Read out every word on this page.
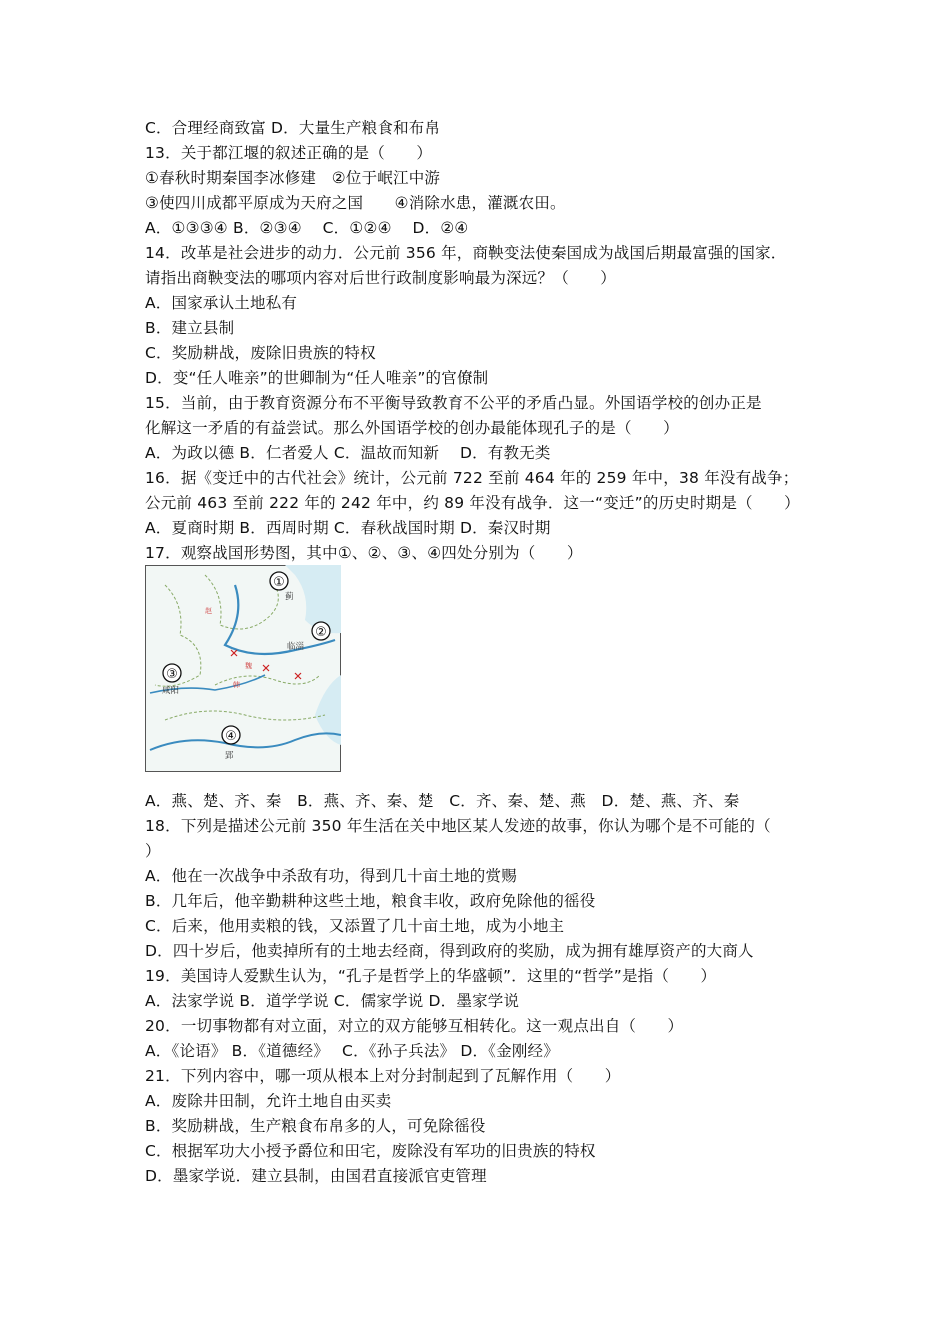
C．合理经商致富 D．大量生产粮食和布帛
13．关于都江堰的叙述正确的是（　　）
①春秋时期秦国李冰修建　②位于岷江中游
③使四川成都平原成为天府之国　　④消除水患，灌溉农田。
A．①③③④ B．②③④　 C．①②④　 D．②④
14．改革是社会进步的动力．公元前 356 年，商鞅变法使秦国成为战国后期最富强的国家．
请指出商鞅变法的哪项内容对后世行政制度影响最为深远？（　　）
A．国家承认土地私有
B．建立县制
C．奖励耕战，废除旧贵族的特权
D．变“任人唯亲”的世卿制为“任人唯亲”的官僚制
15．当前，由于教育资源分布不平衡导致教育不公平的矛盾凸显。外国语学校的创办正是
化解这一矛盾的有益尝试。那么外国语学校的创办最能体现孔子的是（　　）
A．为政以德 B．仁者爱人 C．温故而知新　 D．有教无类
16．据《变迁中的古代社会》统计，公元前 722 至前 464 年的 259 年中，38 年没有战争；
公元前 463 至前 222 年的 242 年中，约 89 年没有战争．这一“变迁”的历史时期是（　　）
A．夏商时期 B．西周时期 C．春秋战国时期 D．秦汉时期
17．观察战国形势图，其中①、②、③、④四处分别为（　　）
①
蓟
②
临淄
③
咸阳
④
郢
赵
魏
韩
A．燕、楚、齐、秦　B．燕、齐、秦、楚　C．齐、秦、楚、燕　D．楚、燕、齐、秦
18．下列是描述公元前 350 年生活在关中地区某人发迹的故事，你认为哪个是不可能的（
）
A．他在一次战争中杀敌有功，得到几十亩土地的赏赐
B．几年后，他辛勤耕种这些土地，粮食丰收，政府免除他的徭役
C．后来，他用卖粮的钱，又添置了几十亩土地，成为小地主
D．四十岁后，他卖掉所有的土地去经商，得到政府的奖励，成为拥有雄厚资产的大商人
19．美国诗人爱默生认为，“孔子是哲学上的华盛顿”．这里的“哲学”是指（　　）
A．法家学说 B．道学学说 C．儒家学说 D．墨家学说
20．一切事物都有对立面，对立的双方能够互相转化。这一观点出自（　　）
A．《论语》 B．《道德经》　 C．《孙子兵法》 D．《金刚经》
21．下列内容中，哪一项从根本上对分封制起到了瓦解作用（　　）
A．废除井田制，允许土地自由买卖
B．奖励耕战，生产粮食布帛多的人，可免除徭役
C．根据军功大小授予爵位和田宅，废除没有军功的旧贵族的特权
D．墨家学说．建立县制，由国君直接派官吏管理
